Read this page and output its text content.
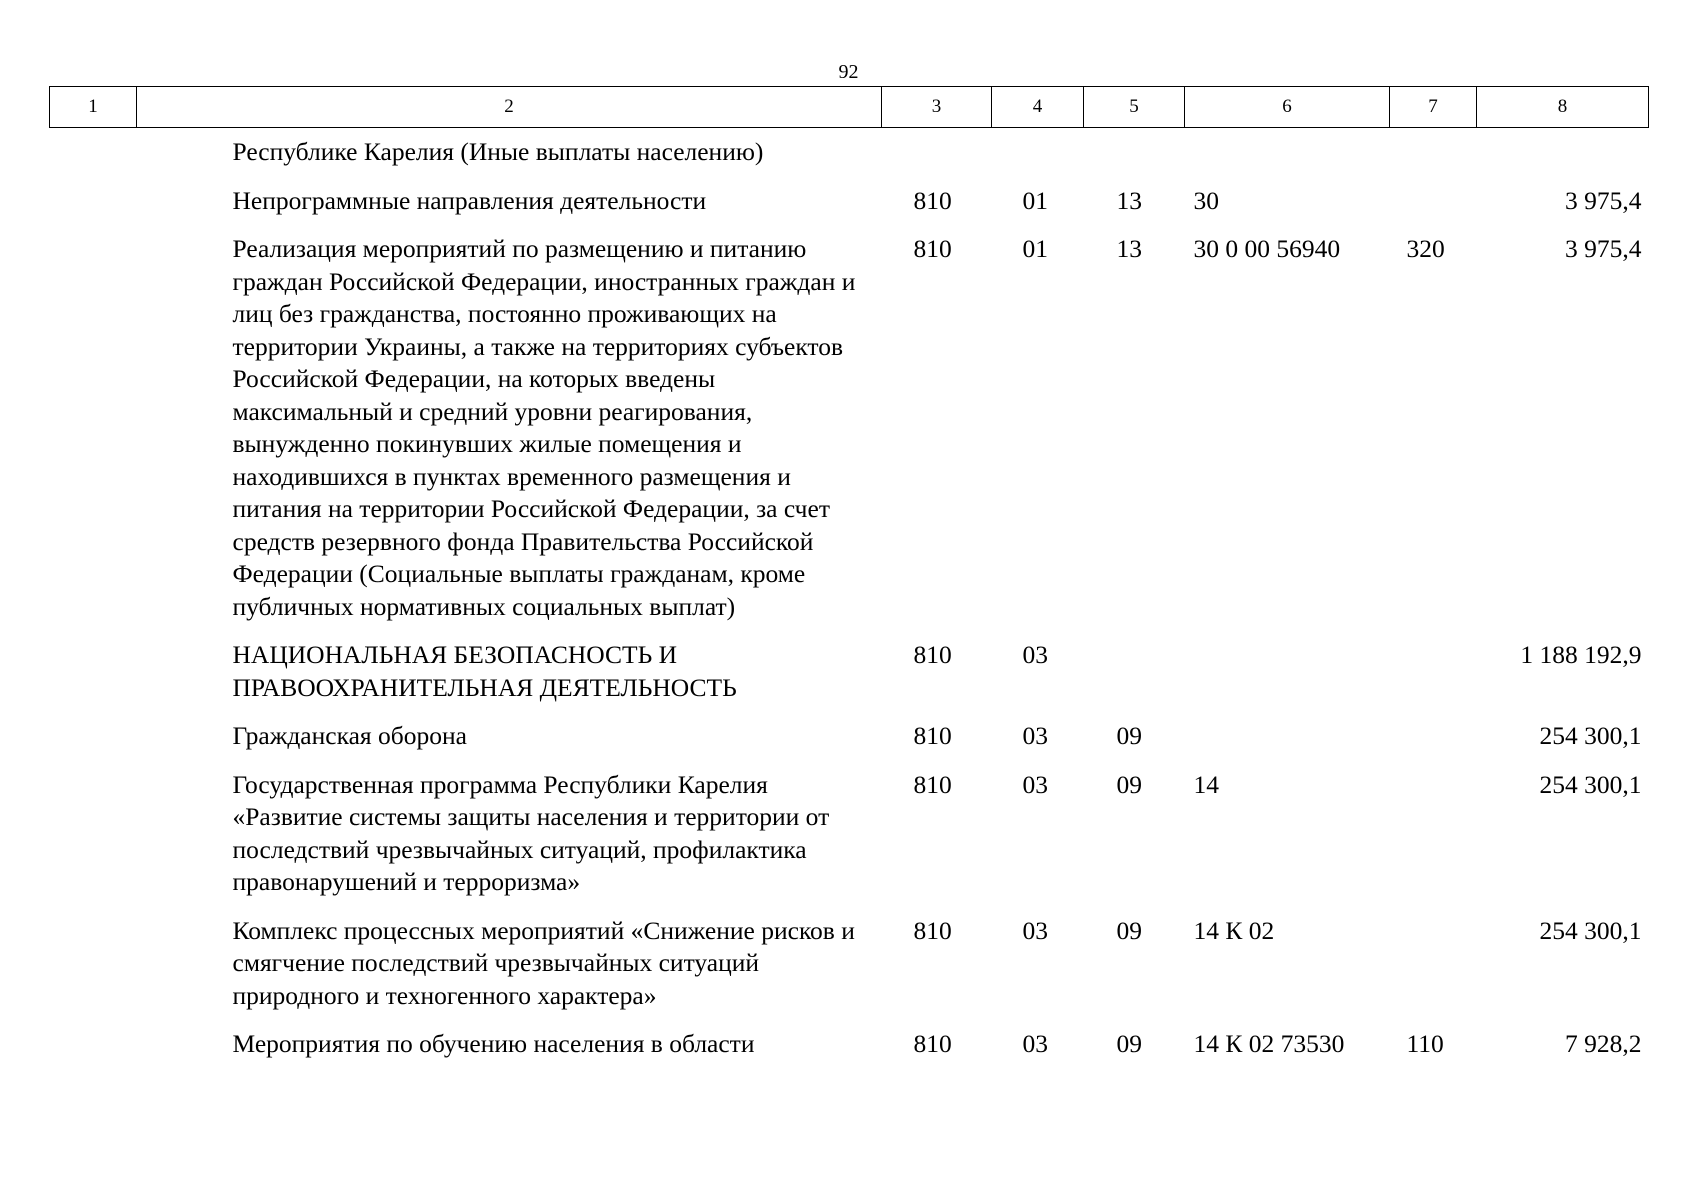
92
1	2	3	4	5	6	7	8
	Республике Карелия (Иные выплаты населению)						
	Непрограммные направления деятельности	810	01	13	30		3 975,4
	Реализация мероприятий по размещению и питанию граждан Российской Федерации, иностранных граждан и лиц без гражданства, постоянно проживающих на территории Украины, а также на территориях субъектов Российской Федерации, на которых введены максимальный и средний уровни реагирования, вынужденно покинувших жилые помещения и находившихся в пунктах временного размещения и питания на территории Российской Федерации, за счет средств резервного фонда Правительства Российской Федерации (Социальные выплаты гражданам, кроме публичных нормативных социальных выплат)	810	01	13	30 0 00 56940	320	3 975,4
	НАЦИОНАЛЬНАЯ БЕЗОПАСНОСТЬ И ПРАВООХРАНИТЕЛЬНАЯ ДЕЯТЕЛЬНОСТЬ	810	03				1 188 192,9
	Гражданская оборона	810	03	09			254 300,1
	Государственная программа Республики Карелия «Развитие системы защиты населения и территории от последствий чрезвычайных ситуаций, профилактика правонарушений и терроризма»	810	03	09	14		254 300,1
	Комплекс процессных мероприятий «Снижение рисков и смягчение последствий чрезвычайных ситуаций природного и техногенного характера»	810	03	09	14 К 02		254 300,1
	Мероприятия по обучению населения в области	810	03	09	14 К 02 73530	110	7 928,2
